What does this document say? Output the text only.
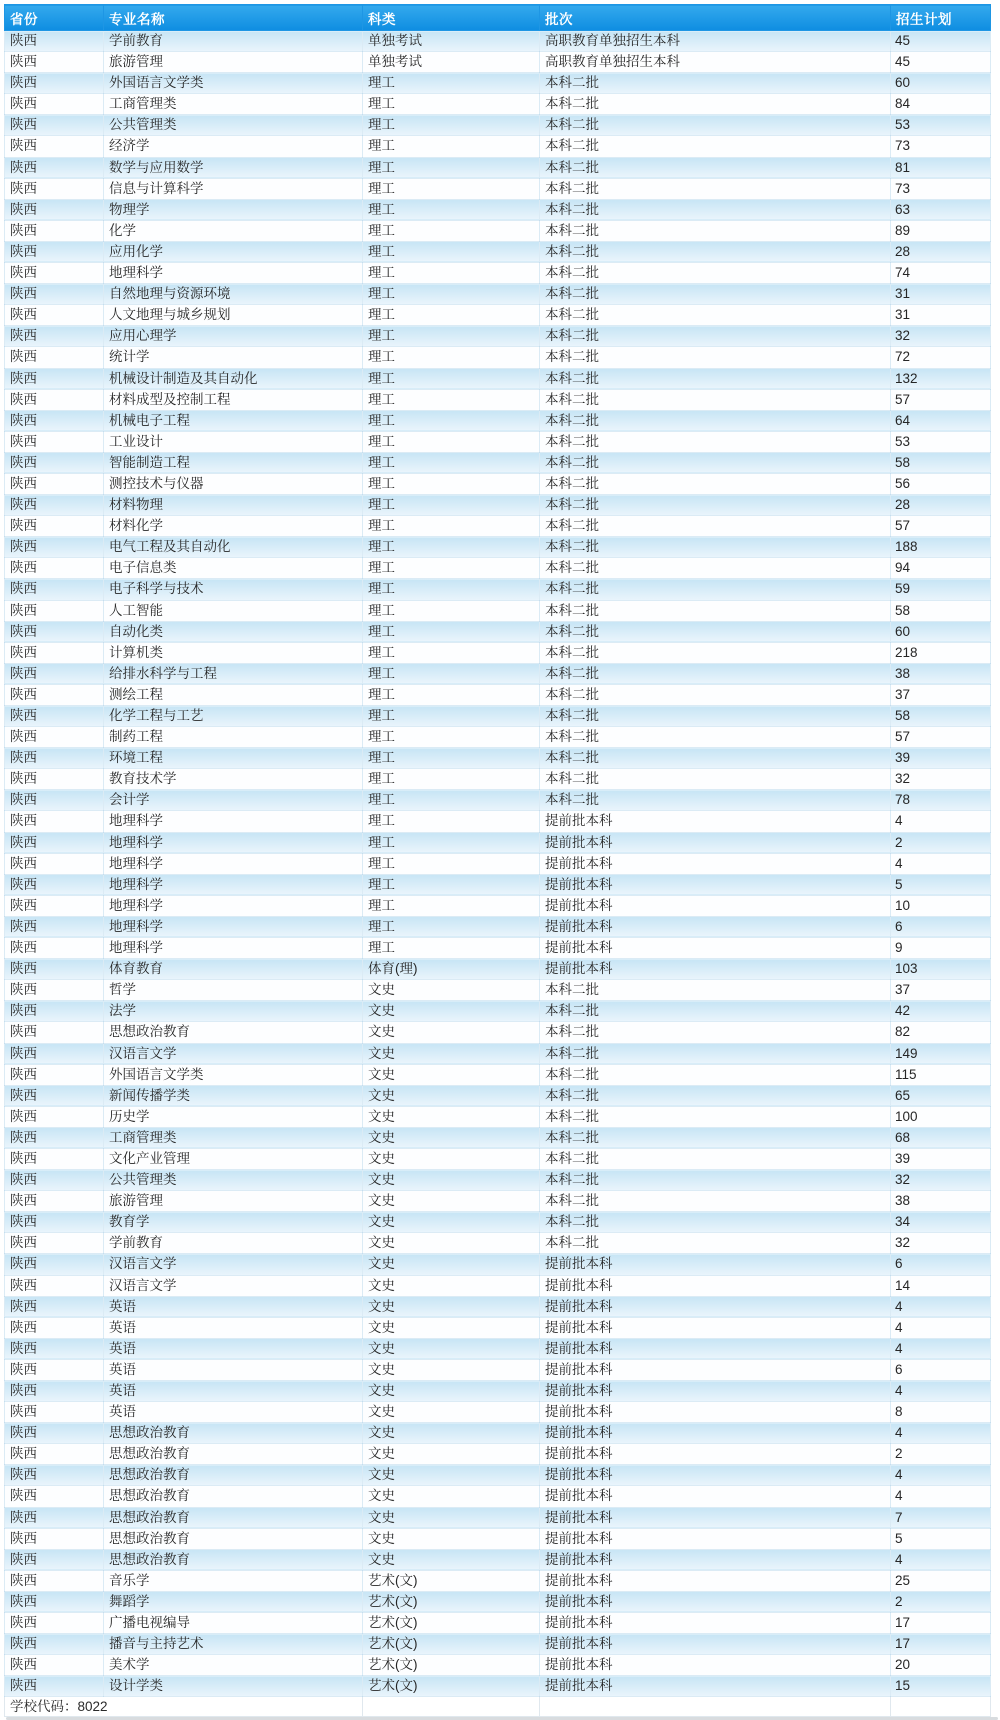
省份	专业名称	科类	批次	招生计划
陕西	学前教育	单独考试	高职教育单独招生本科	45
陕西	旅游管理	单独考试	高职教育单独招生本科	45
陕西	外国语言文学类	理工	本科二批	60
陕西	工商管理类	理工	本科二批	84
陕西	公共管理类	理工	本科二批	53
陕西	经济学	理工	本科二批	73
陕西	数学与应用数学	理工	本科二批	81
陕西	信息与计算科学	理工	本科二批	73
陕西	物理学	理工	本科二批	63
陕西	化学	理工	本科二批	89
陕西	应用化学	理工	本科二批	28
陕西	地理科学	理工	本科二批	74
陕西	自然地理与资源环境	理工	本科二批	31
陕西	人文地理与城乡规划	理工	本科二批	31
陕西	应用心理学	理工	本科二批	32
陕西	统计学	理工	本科二批	72
陕西	机械设计制造及其自动化	理工	本科二批	132
陕西	材料成型及控制工程	理工	本科二批	57
陕西	机械电子工程	理工	本科二批	64
陕西	工业设计	理工	本科二批	53
陕西	智能制造工程	理工	本科二批	58
陕西	测控技术与仪器	理工	本科二批	56
陕西	材料物理	理工	本科二批	28
陕西	材料化学	理工	本科二批	57
陕西	电气工程及其自动化	理工	本科二批	188
陕西	电子信息类	理工	本科二批	94
陕西	电子科学与技术	理工	本科二批	59
陕西	人工智能	理工	本科二批	58
陕西	自动化类	理工	本科二批	60
陕西	计算机类	理工	本科二批	218
陕西	给排水科学与工程	理工	本科二批	38
陕西	测绘工程	理工	本科二批	37
陕西	化学工程与工艺	理工	本科二批	58
陕西	制药工程	理工	本科二批	57
陕西	环境工程	理工	本科二批	39
陕西	教育技术学	理工	本科二批	32
陕西	会计学	理工	本科二批	78
陕西	地理科学	理工	提前批本科	4
陕西	地理科学	理工	提前批本科	2
陕西	地理科学	理工	提前批本科	4
陕西	地理科学	理工	提前批本科	5
陕西	地理科学	理工	提前批本科	10
陕西	地理科学	理工	提前批本科	6
陕西	地理科学	理工	提前批本科	9
陕西	体育教育	体育(理)	提前批本科	103
陕西	哲学	文史	本科二批	37
陕西	法学	文史	本科二批	42
陕西	思想政治教育	文史	本科二批	82
陕西	汉语言文学	文史	本科二批	149
陕西	外国语言文学类	文史	本科二批	115
陕西	新闻传播学类	文史	本科二批	65
陕西	历史学	文史	本科二批	100
陕西	工商管理类	文史	本科二批	68
陕西	文化产业管理	文史	本科二批	39
陕西	公共管理类	文史	本科二批	32
陕西	旅游管理	文史	本科二批	38
陕西	教育学	文史	本科二批	34
陕西	学前教育	文史	本科二批	32
陕西	汉语言文学	文史	提前批本科	6
陕西	汉语言文学	文史	提前批本科	14
陕西	英语	文史	提前批本科	4
陕西	英语	文史	提前批本科	4
陕西	英语	文史	提前批本科	4
陕西	英语	文史	提前批本科	6
陕西	英语	文史	提前批本科	4
陕西	英语	文史	提前批本科	8
陕西	思想政治教育	文史	提前批本科	4
陕西	思想政治教育	文史	提前批本科	2
陕西	思想政治教育	文史	提前批本科	4
陕西	思想政治教育	文史	提前批本科	4
陕西	思想政治教育	文史	提前批本科	7
陕西	思想政治教育	文史	提前批本科	5
陕西	思想政治教育	文史	提前批本科	4
陕西	音乐学	艺术(文)	提前批本科	25
陕西	舞蹈学	艺术(文)	提前批本科	2
陕西	广播电视编导	艺术(文)	提前批本科	17
陕西	播音与主持艺术	艺术(文)	提前批本科	17
陕西	美术学	艺术(文)	提前批本科	20
陕西	设计学类	艺术(文)	提前批本科	15
学校代码：8022				
